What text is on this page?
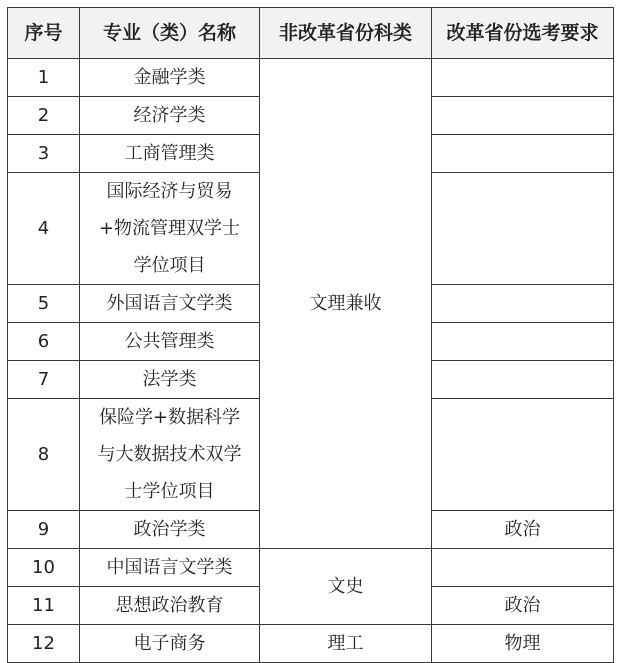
序号	专业（类）名称	非改革省份科类	改革省份选考要求
1	金融学类	文理兼收	
2	经济学类		

3	工商管理类		

4	国际经济与贸易
+物流管理双学士
学位项目		

5	外国语言文学类		

6	公共管理类		

7	法学类		

8	保险学+数据科学
与大数据技术双学
士学位项目		

9	政治学类		政治
10	中国语言文学类	文史	
11	思想政治教育		政治
12	电子商务	理工	物理
